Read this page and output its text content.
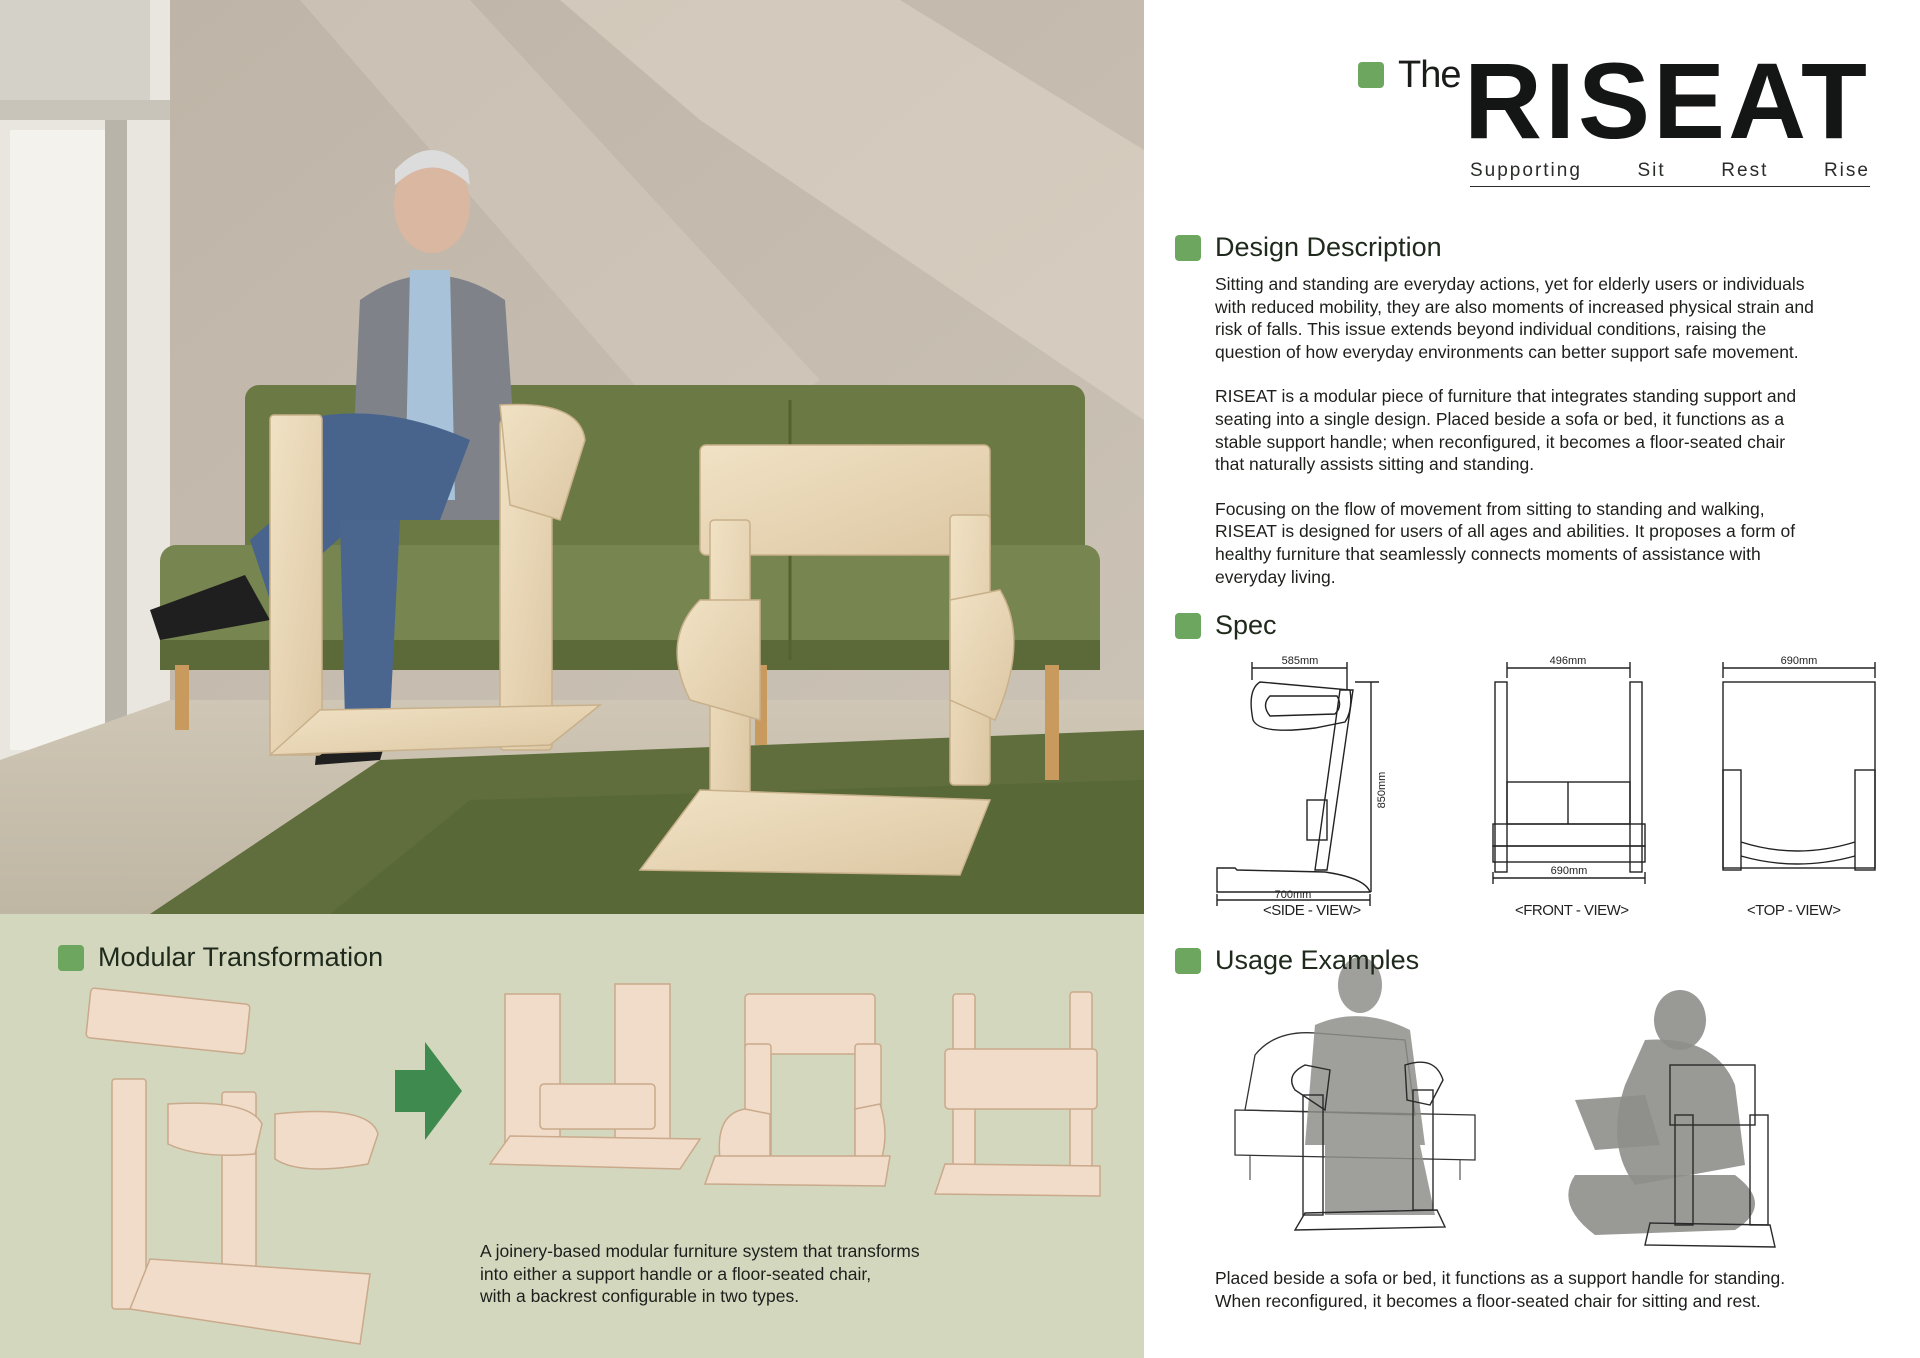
Modular Transformation
A joinery-based modular furniture system that transforms
into either a support handle or a floor-seated chair,
with a backrest configurable in two types.
The RISEAT
Supporting	Sit	Rest	Rise
Design Description
Sitting and standing are everyday actions, yet for elderly users or individuals
with reduced mobility, they are also moments of increased physical strain and
risk of falls. This issue extends beyond individual conditions, raising the
question of how everyday environments can better support safe movement.
RISEAT is a modular piece of furniture that integrates standing support and
seating into a single design. Placed beside a sofa or bed, it functions as a
stable support handle; when reconfigured, it becomes a floor-seated chair
that naturally assists sitting and standing.
Focusing on the flow of movement from sitting to standing and walking,
RISEAT is designed for users of all ages and abilities. It proposes a form of
healthy furniture that seamlessly connects moments of assistance with
everyday living.
585mm
850mm
700mm
496mm
690mm
690mm
Spec
<SIDE - VIEW>	<FRONT - VIEW>	<TOP - VIEW>
Usage Examples
Placed beside a sofa or bed, it functions as a support handle for standing.
When reconfigured, it becomes a floor-seated chair for sitting and rest.
